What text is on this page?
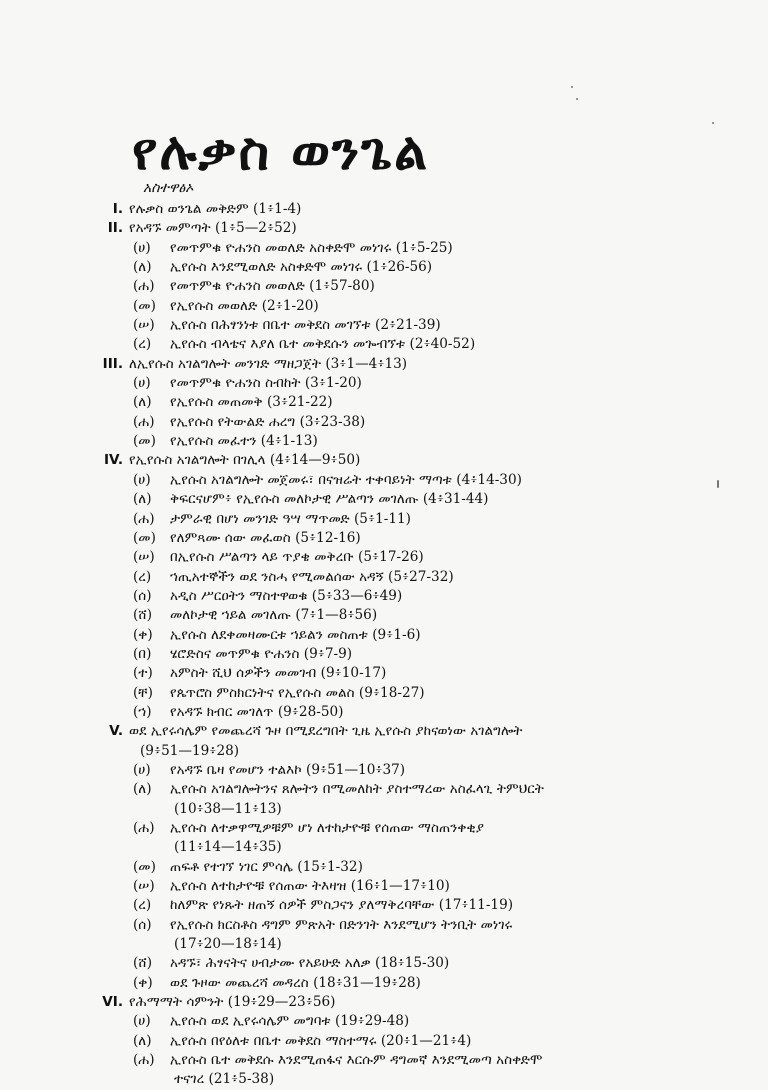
የሉቃስ ወንጌል
አስተዋፅኦ
I. የሉቃስ ወንጌል መቅድም (1፥1-4)
II. የአዳኙ መምጣት (1፥5—2፥52)
(ሀ) የመጥምቁ ዮሐንስ መወለድ አስቀድሞ መነገሩ (1፥5-25)
(ለ) ኢየሱስ እንደሚወለድ አስቀድሞ መነገሩ (1፥26-56)
(ሐ) የመጥምቁ ዮሐንስ መወለድ (1፥57-80)
(መ) የኢየሱስ መወለድ (2፥1-20)
(ሠ) ኢየሱስ በሕፃንነቱ በቤተ መቅደስ መገኘቱ (2፥21-39)
(ረ) ኢየሱስ ብላቴና እያለ ቤተ መቅደሱን መጐብኘቱ (2፥40-52)
III. ለኢየሱስ አገልግሎት መንገድ ማዘጋጀት (3፥1—4፥13)
(ሀ) የመጥምቁ ዮሐንስ ስብከት (3፥1-20)
(ለ) የኢየሱስ መጠመቅ (3፥21-22)
(ሐ) የኢየሱስ የትውልድ ሐረግ (3፥23-38)
(መ) የኢየሱስ መፈተን (4፥1-13)
IV. የኢየሱስ አገልግሎት በገሊላ (4፥14—9፥50)
(ሀ) ኢየሱስ አገልግሎት መጀመሩ፣ በናዝሬት ተቀባይነት ማጣቱ (4፥14-30)
(ለ) ቅፍርናሆም፥ የኢየሱስ መለኮታዊ ሥልጣን መገለጡ (4፥31-44)
(ሐ) ታምራዊ በሆነ መንገድ ዓሣ ማጥመድ (5፥1-11)
(መ) የለምጻሙ ሰው መፈወስ (5፥12-16)
(ሠ) በኢየሱስ ሥልጣን ላይ ጥያቄ መቅረቡ (5፥17-26)
(ረ) ኀጢአተኞችን ወደ ንስሓ የሚመልሰው አዳኝ (5፥27-32)
(ሰ) አዲስ ሥርዐትን ማስተዋወቁ (5፥33—6፥49)
(ሸ) መለኮታዊ ኀይል መገለጡ (7፥1—8፥56)
(ቀ) ኢየሱስ ለደቀመዛሙርቱ ኀይልን መስጠቱ (9፥1-6)
(በ) ሄሮድስና መጥምቁ ዮሐንስ (9፥7-9)
(ተ) አምስት ሺህ ሰዎችን መመገብ (9፥10-17)
(ቸ) የጴጥሮስ ምስክርነትና የኢየሱስ መልስ (9፥18-27)
(ኀ) የአዳኙ ክብር መገለጥ (9፥28-50)
V. ወደ ኢየሩሳሌም የመጨረሻ ጉዞ በሚደረግበት ጊዜ ኢየሱስ ያከናወነው አገልግሎት
(9፥51—19፥28)
(ሀ) የአዳኙ ቤዛ የመሆን ተልእኮ (9፥51—10፥37)
(ለ) ኢየሱስ አገልግሎትንና ጸሎትን በሚመለከት ያስተማረው አስፈላጊ ትምህርት
(10፥38—11፥13)
(ሐ) ኢየሱስ ለተቃዋሚዎቹም ሆነ ለተከታዮቹ የሰጠው ማስጠንቀቂያ
(11፥14—14፥35)
(መ) ጠፍቶ የተገኘ ነገር ምሳሌ (15፥1-32)
(ሠ) ኢየሱስ ለተከታዮቹ የሰጠው ትእዛዝ (16፥1—17፥10)
(ረ) ከለምጽ የነጹት ዘጠኝ ሰዎች ምስጋናን ያለማቅረባቸው (17፥11-19)
(ሰ) የኢየሱስ ክርስቶስ ዳግም ምጽአት በድንገት እንደሚሆን ትንቢት መነገሩ
(17፥20—18፥14)
(ሸ) አዳኙ፣ ሕፃናትና ሀብታሙ የአይሁድ አለቃ (18፥15-30)
(ቀ) ወደ ጉዞው መጨረሻ መዳረስ (18፥31—19፥28)
VI. የሕማማት ሳምንት (19፥29—23፥56)
(ሀ) ኢየሱስ ወደ ኢየሩሳሌም መግባቱ (19፥29-48)
(ለ) ኢየሱስ በየዕለቱ በቤተ መቅደስ ማስተማሩ (20፥1—21፥4)
(ሐ) ኢየሱስ ቤተ መቅደሱ እንደሚጠፋና እርሱም ዳግመኛ እንደሚመጣ አስቀድሞ
ተናገረ (21፥5-38)
